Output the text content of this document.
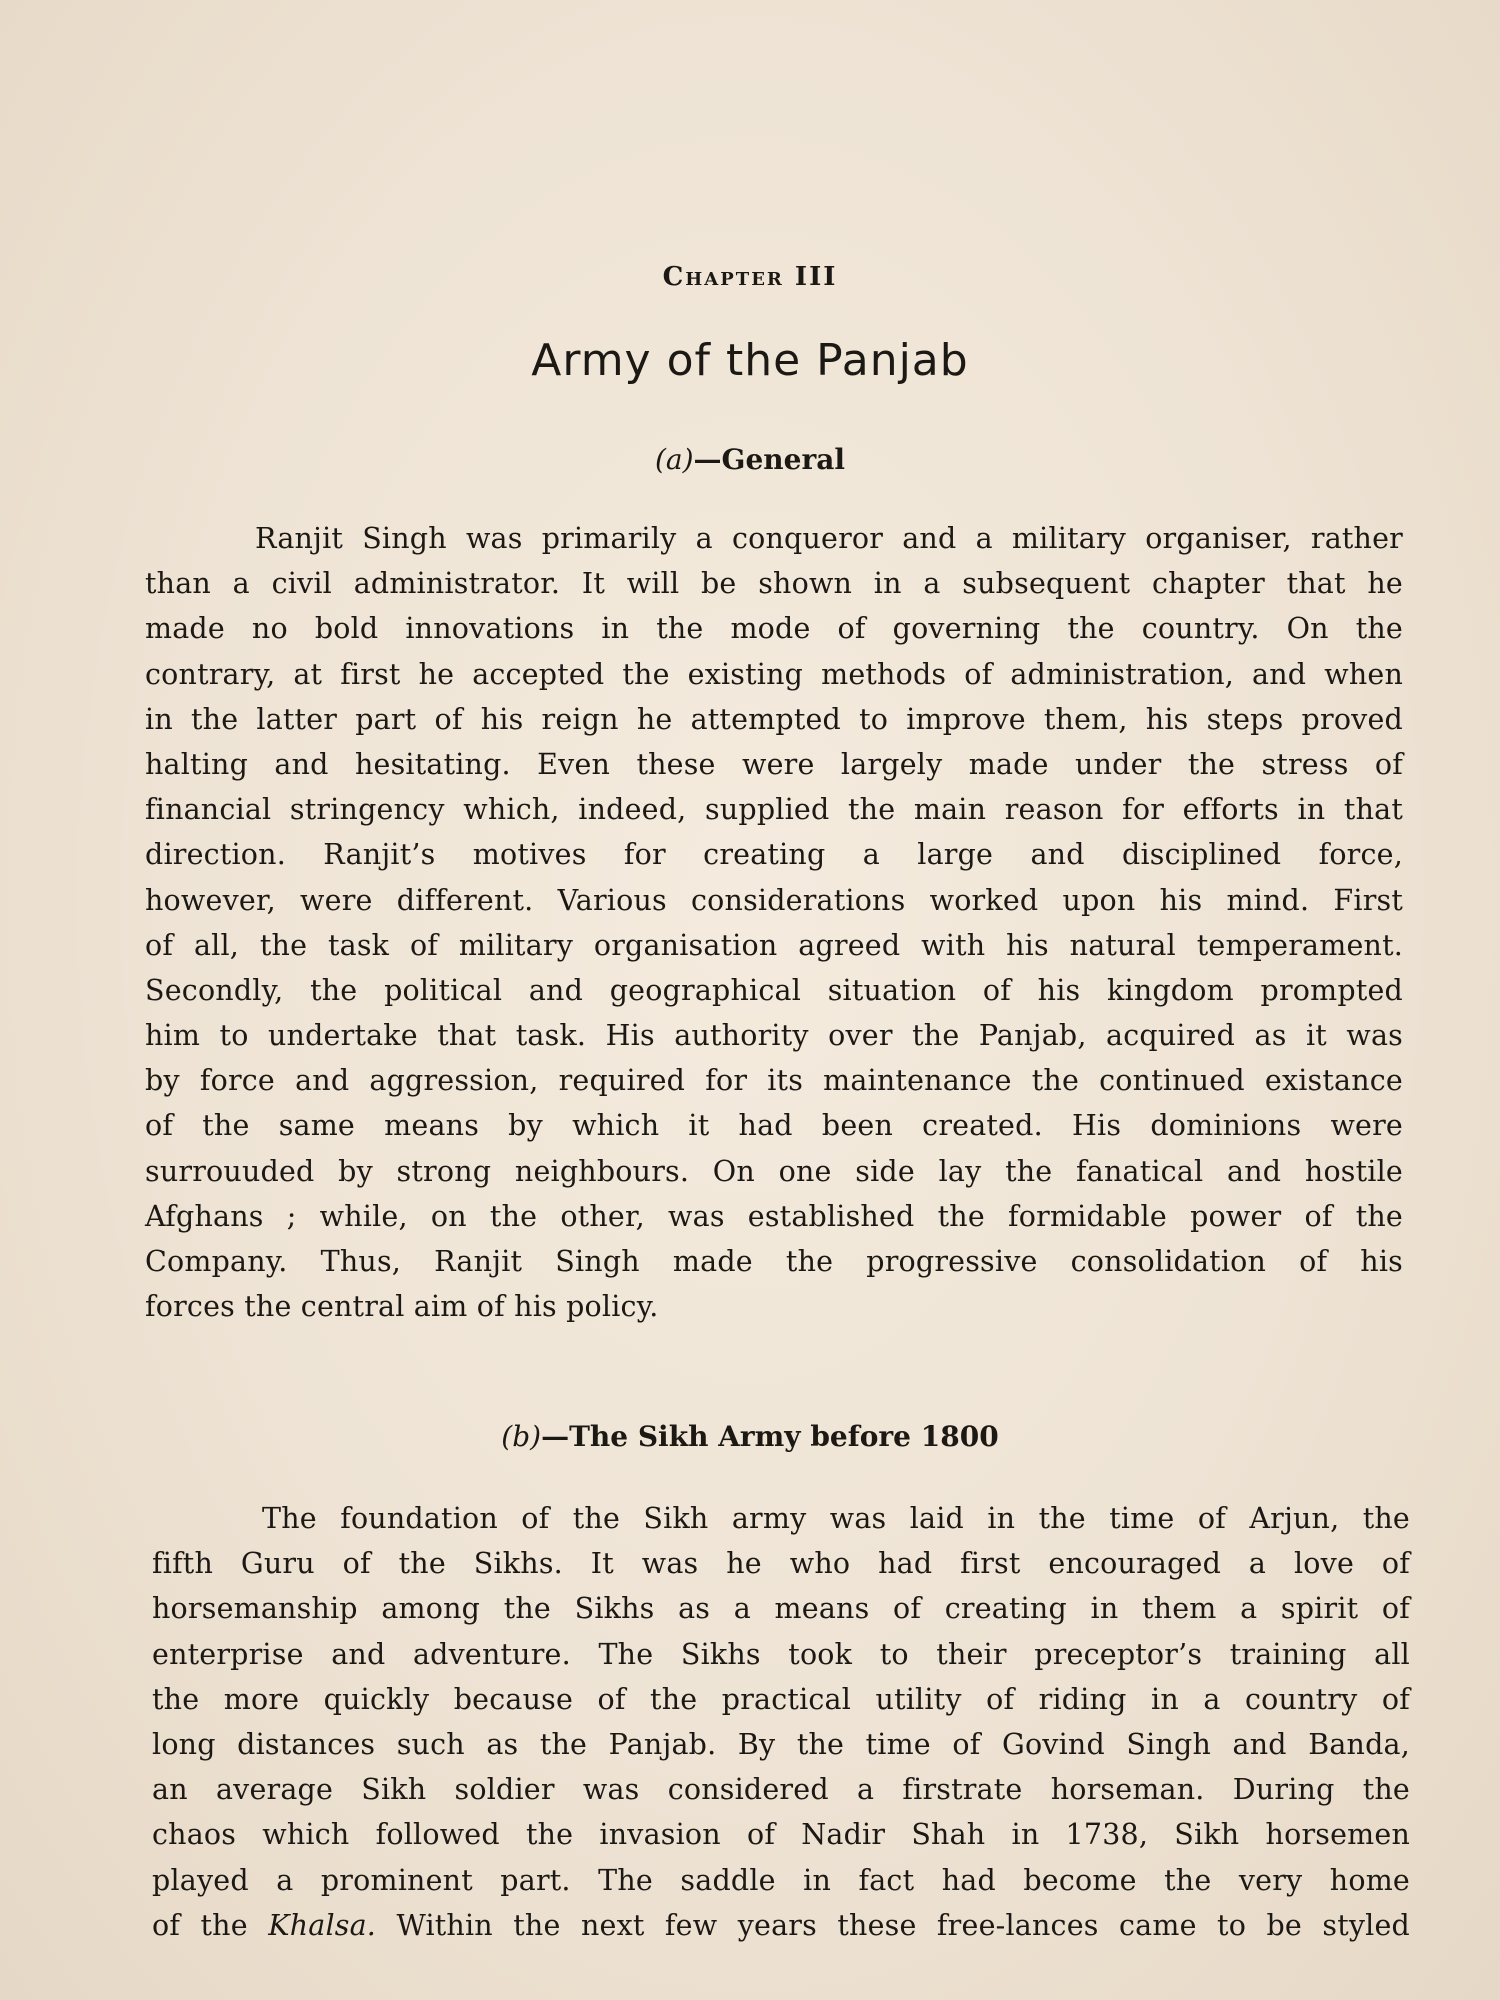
Chapter III
Army of the Panjab
(a)—General
Ranjit Singh was primarily a conqueror and a military organiser, rather
than a civil administrator. It will be shown in a subsequent chapter that he
made no bold innovations in the mode of governing the country. On the
contrary, at first he accepted the existing methods of administration, and when
in the latter part of his reign he attempted to improve them, his steps proved
halting and hesitating. Even these were largely made under the stress of
financial stringency which, indeed, supplied the main reason for efforts in that
direction. Ranjit’s motives for creating a large and disciplined force,
however, were different. Various considerations worked upon his mind. First
of all, the task of military organisation agreed with his natural temperament.
Secondly, the political and geographical situation of his kingdom prompted
him to undertake that task. His authority over the Panjab, acquired as it was
by force and aggression, required for its maintenance the continued existance
of the same means by which it had been created. His dominions were
surrouuded by strong neighbours. On one side lay the fanatical and hostile
Afghans ; while, on the other, was established the formidable power of the
Company. Thus, Ranjit Singh made the progressive consolidation of his
forces the central aim of his policy.
(b)—The Sikh Army before 1800
The foundation of the Sikh army was laid in the time of Arjun, the
fifth Guru of the Sikhs. It was he who had first encouraged a love of
horsemanship among the Sikhs as a means of creating in them a spirit of
enterprise and adventure. The Sikhs took to their preceptor’s training all
the more quickly because of the practical utility of riding in a country of
long distances such as the Panjab. By the time of Govind Singh and Banda,
an average Sikh soldier was considered a firstrate horseman. During the
chaos which followed the invasion of Nadir Shah in 1738, Sikh horsemen
played a prominent part. The saddle in fact had become the very home
of the Khalsa. Within the next few years these free-lances came to be styled
